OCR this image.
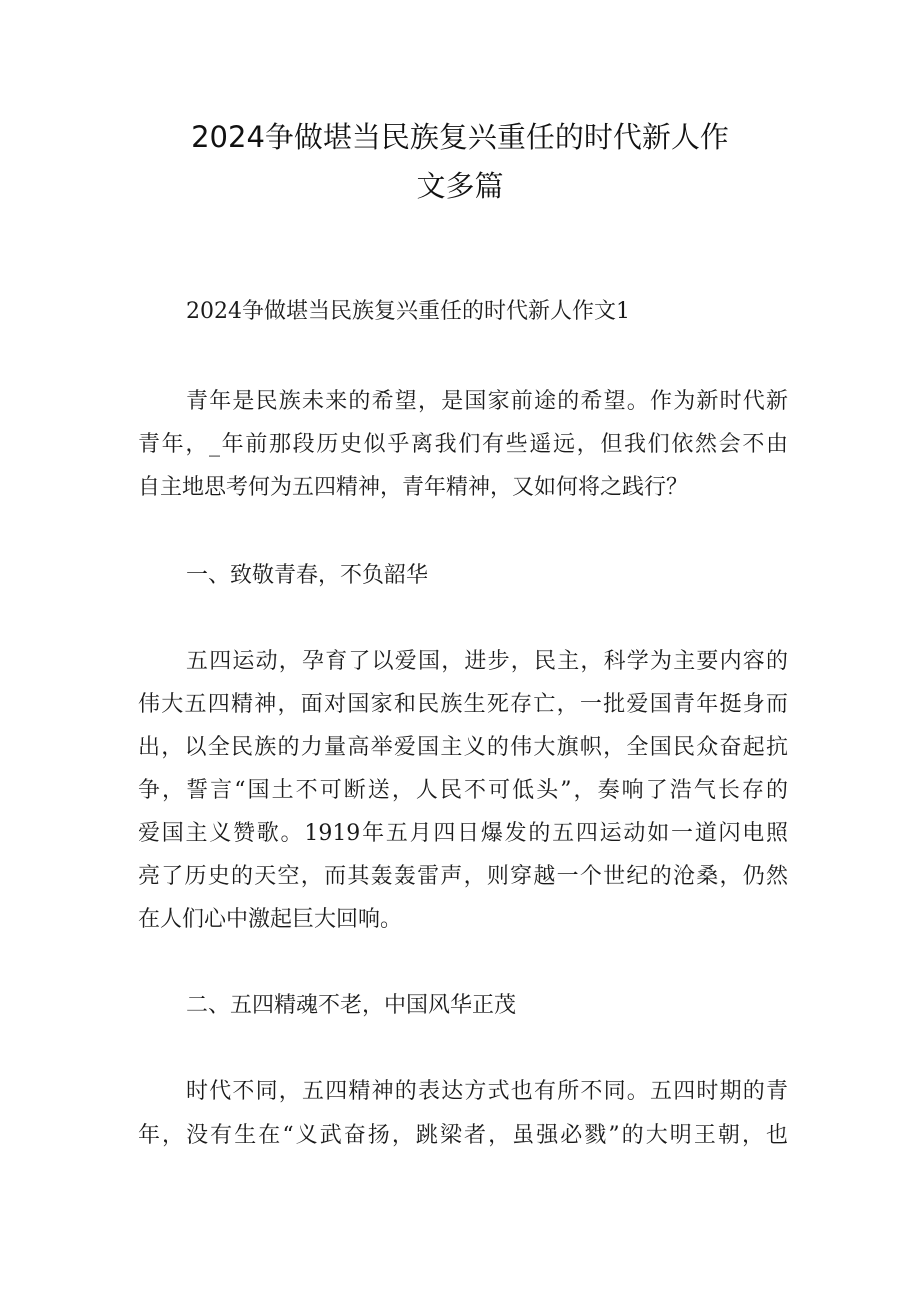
2024争做堪当民族复兴重任的时代新人作
文多篇
2024争做堪当民族复兴重任的时代新人作文1
青年是民族未来的希望，是国家前途的希望。作为新时代新
青年，_年前那段历史似乎离我们有些遥远，但我们依然会不由
自主地思考何为五四精神，青年精神，又如何将之践行？
一、致敬青春，不负韶华
五四运动，孕育了以爱国，进步，民主，科学为主要内容的
伟大五四精神，面对国家和民族生死存亡，一批爱国青年挺身而
出，以全民族的力量高举爱国主义的伟大旗帜，全国民众奋起抗
争，誓言“国土不可断送，人民不可低头”，奏响了浩气长存的
爱国主义赞歌。1919年五月四日爆发的五四运动如一道闪电照
亮了历史的天空，而其轰轰雷声，则穿越一个世纪的沧桑，仍然
在人们心中激起巨大回响。
二、五四精魂不老，中国风华正茂
时代不同，五四精神的表达方式也有所不同。五四时期的青
年，没有生在“义武奋扬，跳梁者，虽强必戮”的大明王朝，也
